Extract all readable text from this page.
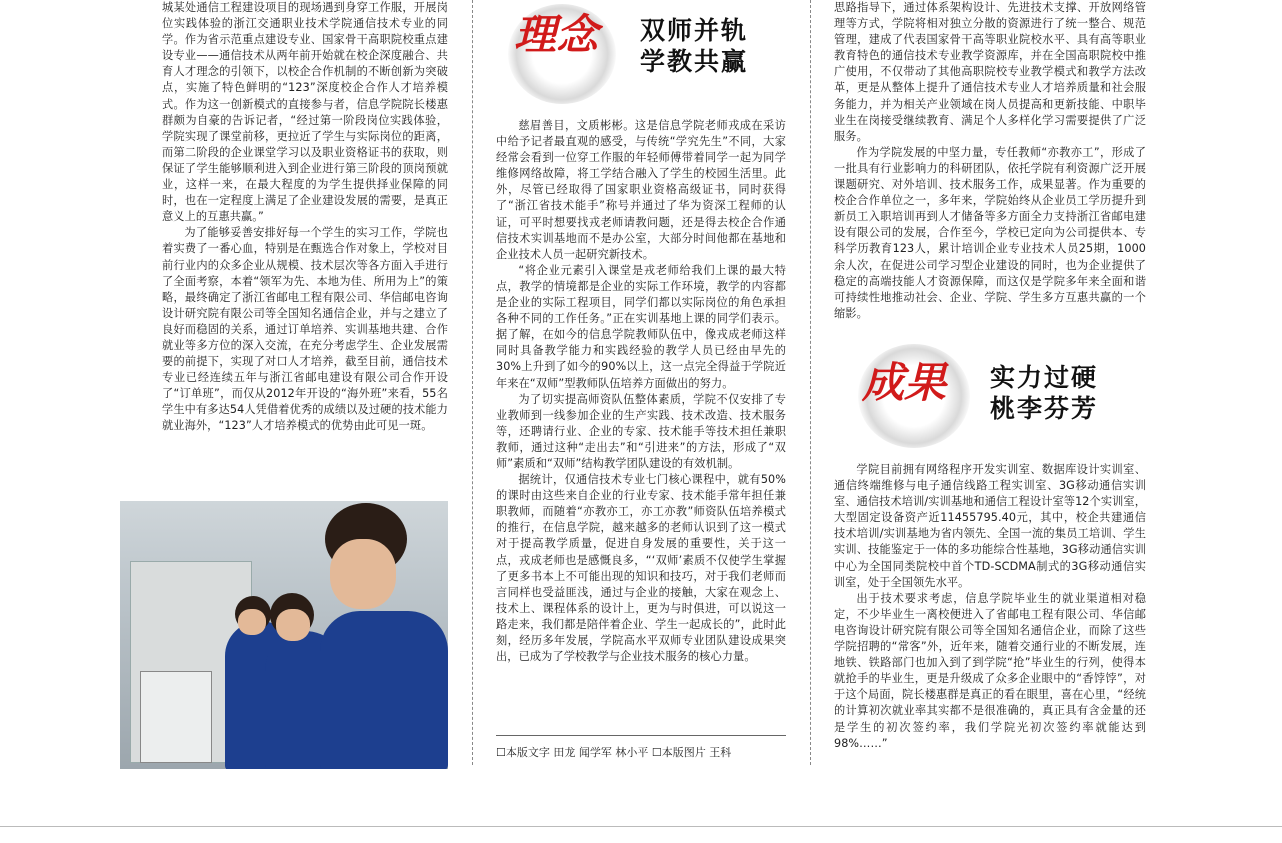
城某处通信工程建设项目的现场遇到身穿工作服，开展岗位实践体验的浙江交通职业技术学院通信技术专业的同学。作为省示范重点建设专业、国家骨干高职院校重点建设专业——通信技术从两年前开始就在校企深度融合、共育人才理念的引领下，以校企合作机制的不断创新为突破点，实施了特色鲜明的“123”深度校企合作人才培养模式。作为这一创新模式的直接参与者，信息学院院长楼惠群颇为自豪的告诉记者，“经过第一阶段岗位实践体验，学院实现了课堂前移，更拉近了学生与实际岗位的距离，而第二阶段的企业课堂学习以及职业资格证书的获取，则保证了学生能够顺利进入到企业进行第三阶段的顶岗预就业，这样一来，在最大程度的为学生提供择业保障的同时，也在一定程度上满足了企业建设发展的需要，是真正意义上的互惠共赢。”

为了能够妥善安排好每一个学生的实习工作，学院也着实费了一番心血，特别是在甄选合作对象上，学校对目前行业内的众多企业从规模、技术层次等各方面入手进行了全面考察，本着“领军为先、本地为佳、所用为上”的策略，最终确定了浙江省邮电工程有限公司、华信邮电咨询设计研究院有限公司等全国知名通信企业，并与之建立了良好而稳固的关系，通过订单培养、实训基地共建、合作就业等多方位的深入交流，在充分考虑学生、企业发展需要的前提下，实现了对口人才培养，截至目前，通信技术专业已经连续五年与浙江省邮电建设有限公司合作开设了“订单班”，而仅从2012年开设的“海外班”来看，55名学生中有多达54人凭借着优秀的成绩以及过硬的技术能力就业海外，“123”人才培养模式的优势由此可见一斑。

理念 双师并轨
学教共赢

慈眉善目，文质彬彬。这是信息学院老师戎成在采访中给予记者最直观的感受，与传统“学究先生”不同，大家经常会看到一位穿工作服的年轻师傅带着同学一起为同学维修网络故障，将工学结合融入了学生的校园生活里。此外，尽管已经取得了国家职业资格高级证书，同时获得了“浙江省技术能手”称号并通过了华为资深工程师的认证，可平时想要找戎老师请教问题，还是得去校企合作通信技术实训基地而不是办公室，大部分时间他都在基地和企业技术人员一起研究新技术。

“将企业元素引入课堂是戎老师给我们上课的最大特点，教学的情境都是企业的实际工作环境，教学的内容都是企业的实际工程项目，同学们都以实际岗位的角色承担各种不同的工作任务。”正在实训基地上课的同学们表示。据了解，在如今的信息学院教师队伍中，像戎成老师这样同时具备教学能力和实践经验的教学人员已经由早先的30%上升到了如今的90%以上，这一点完全得益于学院近年来在“双师”型教师队伍培养方面做出的努力。

为了切实提高师资队伍整体素质，学院不仅安排了专业教师到一线参加企业的生产实践、技术改造、技术服务等，还聘请行业、企业的专家、技术能手等技术担任兼职教师，通过这种“走出去”和“引进来”的方法，形成了“双师”素质和“双师”结构教学团队建设的有效机制。

据统计，仅通信技术专业七门核心课程中，就有50%的课时由这些来自企业的行业专家、技术能手常年担任兼职教师，而随着“亦教亦工，亦工亦教”师资队伍培养模式的推行，在信息学院，越来越多的老师认识到了这一模式对于提高教学质量，促进自身发展的重要性，关于这一点，戎成老师也是感慨良多，“‘双师’素质不仅使学生掌握了更多书本上不可能出现的知识和技巧，对于我们老师而言同样也受益匪浅，通过与企业的接触，大家在观念上、技术上、课程体系的设计上，更为与时俱进，可以说这一路走来，我们都是陪伴着企业、学生一起成长的”，此时此刻，经历多年发展，学院高水平双师专业团队建设成果突出，已成为了学校教学与企业技术服务的核心力量。

☐本版文字 田龙 闻学军 林小平 ☐本版图片 王科

思路指导下，通过体系架构设计、先进技术支撑、开放网络管理等方式，学院将相对独立分散的资源进行了统一整合、规范管理，建成了代表国家骨干高等职业院校水平、具有高等职业教育特色的通信技术专业教学资源库，并在全国高职院校中推广使用，不仅带动了其他高职院校专业教学模式和教学方法改革，更是从整体上提升了通信技术专业人才培养质量和社会服务能力，并为相关产业领域在岗人员提高和更新技能、中职毕业生在岗接受继续教育、满足个人多样化学习需要提供了广泛服务。

作为学院发展的中坚力量，专任教师“亦教亦工”，形成了一批具有行业影响力的科研团队，依托学院有利资源广泛开展课题研究、对外培训、技术服务工作，成果显著。作为重要的校企合作单位之一，多年来，学院始终从企业员工学历提升到新员工入职培训再到人才储备等多方面全力支持浙江省邮电建设有限公司的发展，合作至今，学校已定向为公司提供本、专科学历教育123人，累计培训企业专业技术人员25期，1000余人次，在促进公司学习型企业建设的同时，也为企业提供了稳定的高端技能人才资源保障，而这仅是学院多年来全面和谐可持续性地推动社会、企业、学院、学生多方互惠共赢的一个缩影。

成果 实力过硬
桃李芬芳

学院目前拥有网络程序开发实训室、数据库设计实训室、通信终端维修与电子通信线路工程实训室、3G移动通信实训室、通信技术培训/实训基地和通信工程设计室等12个实训室，大型固定设备资产近11455795.40元，其中，校企共建通信技术培训/实训基地为省内领先、全国一流的集员工培训、学生实训、技能鉴定于一体的多功能综合性基地，3G移动通信实训中心为全国同类院校中首个TD-SCDMA制式的3G移动通信实训室，处于全国领先水平。

出于技术要求考虑，信息学院毕业生的就业渠道相对稳定，不少毕业生一离校便进入了省邮电工程有限公司、华信邮电咨询设计研究院有限公司等全国知名通信企业，而除了这些学院招聘的“常客”外，近年来，随着交通行业的不断发展，连地铁、铁路部门也加入到了到学院“抢”毕业生的行列，使得本就抢手的毕业生，更是升级成了众多企业眼中的“香饽饽”，对于这个局面，院长楼惠群是真正的看在眼里，喜在心里，“经统的计算初次就业率其实都不是很准确的，真正具有含金量的还是学生的初次签约率，我们学院光初次签约率就能达到98%……”
